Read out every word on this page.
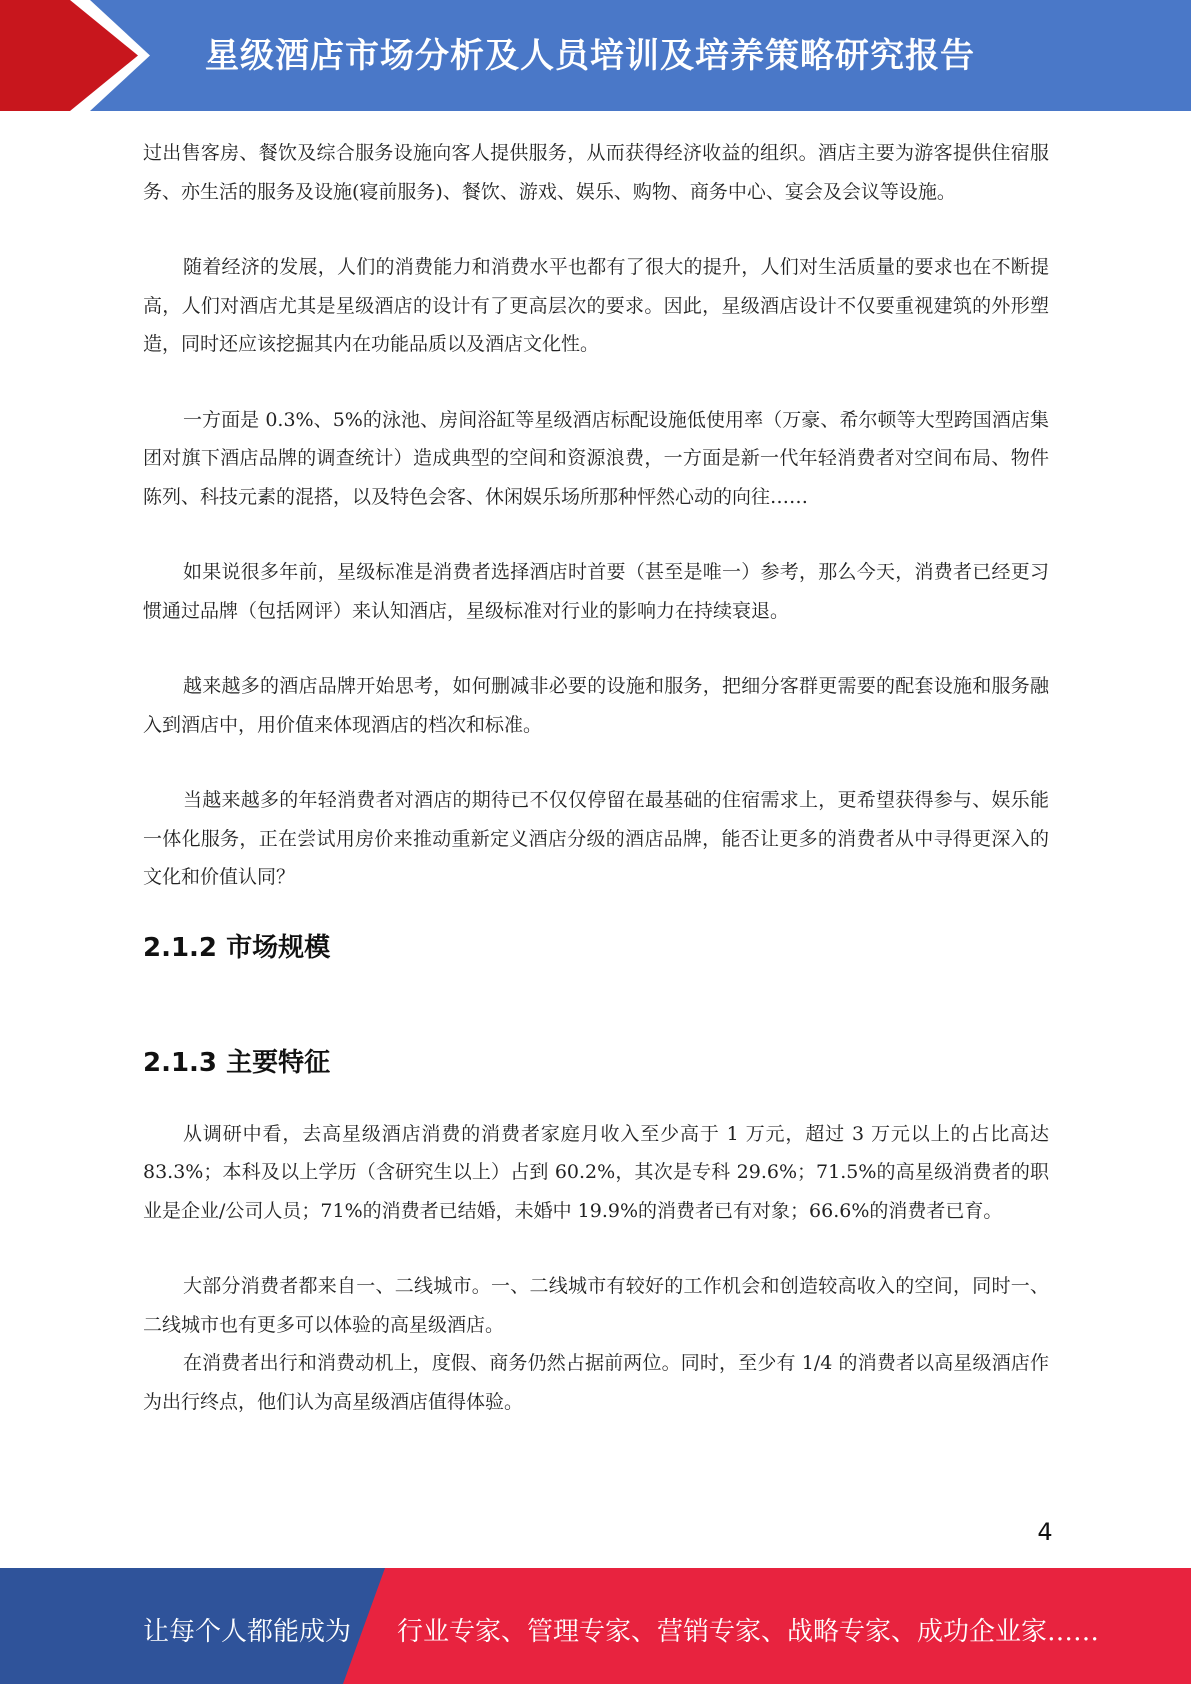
星级酒店市场分析及人员培训及培养策略研究报告

过出售客房、餐饮及综合服务设施向客人提供服务，从而获得经济收益的组织。酒店主要为游客提供住宿服务、亦生活的服务及设施(寝前服务)、餐饮、游戏、娱乐、购物、商务中心、宴会及会议等设施。

随着经济的发展，人们的消费能力和消费水平也都有了很大的提升，人们对生活质量的要求也在不断提高，人们对酒店尤其是星级酒店的设计有了更高层次的要求。因此，星级酒店设计不仅要重视建筑的外形塑造，同时还应该挖掘其内在功能品质以及酒店文化性。

一方面是 0.3%、5%的泳池、房间浴缸等星级酒店标配设施低使用率（万豪、希尔顿等大型跨国酒店集团对旗下酒店品牌的调查统计）造成典型的空间和资源浪费，一方面是新一代年轻消费者对空间布局、物件陈列、科技元素的混搭，以及特色会客、休闲娱乐场所那种怦然心动的向往……

如果说很多年前，星级标准是消费者选择酒店时首要（甚至是唯一）参考，那么今天，消费者已经更习惯通过品牌（包括网评）来认知酒店，星级标准对行业的影响力在持续衰退。

越来越多的酒店品牌开始思考，如何删减非必要的设施和服务，把细分客群更需要的配套设施和服务融入到酒店中，用价值来体现酒店的档次和标准。

当越来越多的年轻消费者对酒店的期待已不仅仅停留在最基础的住宿需求上，更希望获得参与、娱乐能一体化服务，正在尝试用房价来推动重新定义酒店分级的酒店品牌，能否让更多的消费者从中寻得更深入的文化和价值认同？

2.1.2 市场规模
2.1.3 主要特征

从调研中看，去高星级酒店消费的消费者家庭月收入至少高于 1 万元，超过 3 万元以上的占比高达 83.3%；本科及以上学历（含研究生以上）占到 60.2%，其次是专科 29.6%；71.5%的高星级消费者的职业是企业/公司人员；71%的消费者已结婚，未婚中 19.9%的消费者已有对象；66.6%的消费者已育。

大部分消费者都来自一、二线城市。一、二线城市有较好的工作机会和创造较高收入的空间，同时一、二线城市也有更多可以体验的高星级酒店。

在消费者出行和消费动机上，度假、商务仍然占据前两位。同时，至少有 1/4 的消费者以高星级酒店作为出行终点，他们认为高星级酒店值得体验。

4
让每个人都能成为 行业专家、管理专家、营销专家、战略专家、成功企业家……
